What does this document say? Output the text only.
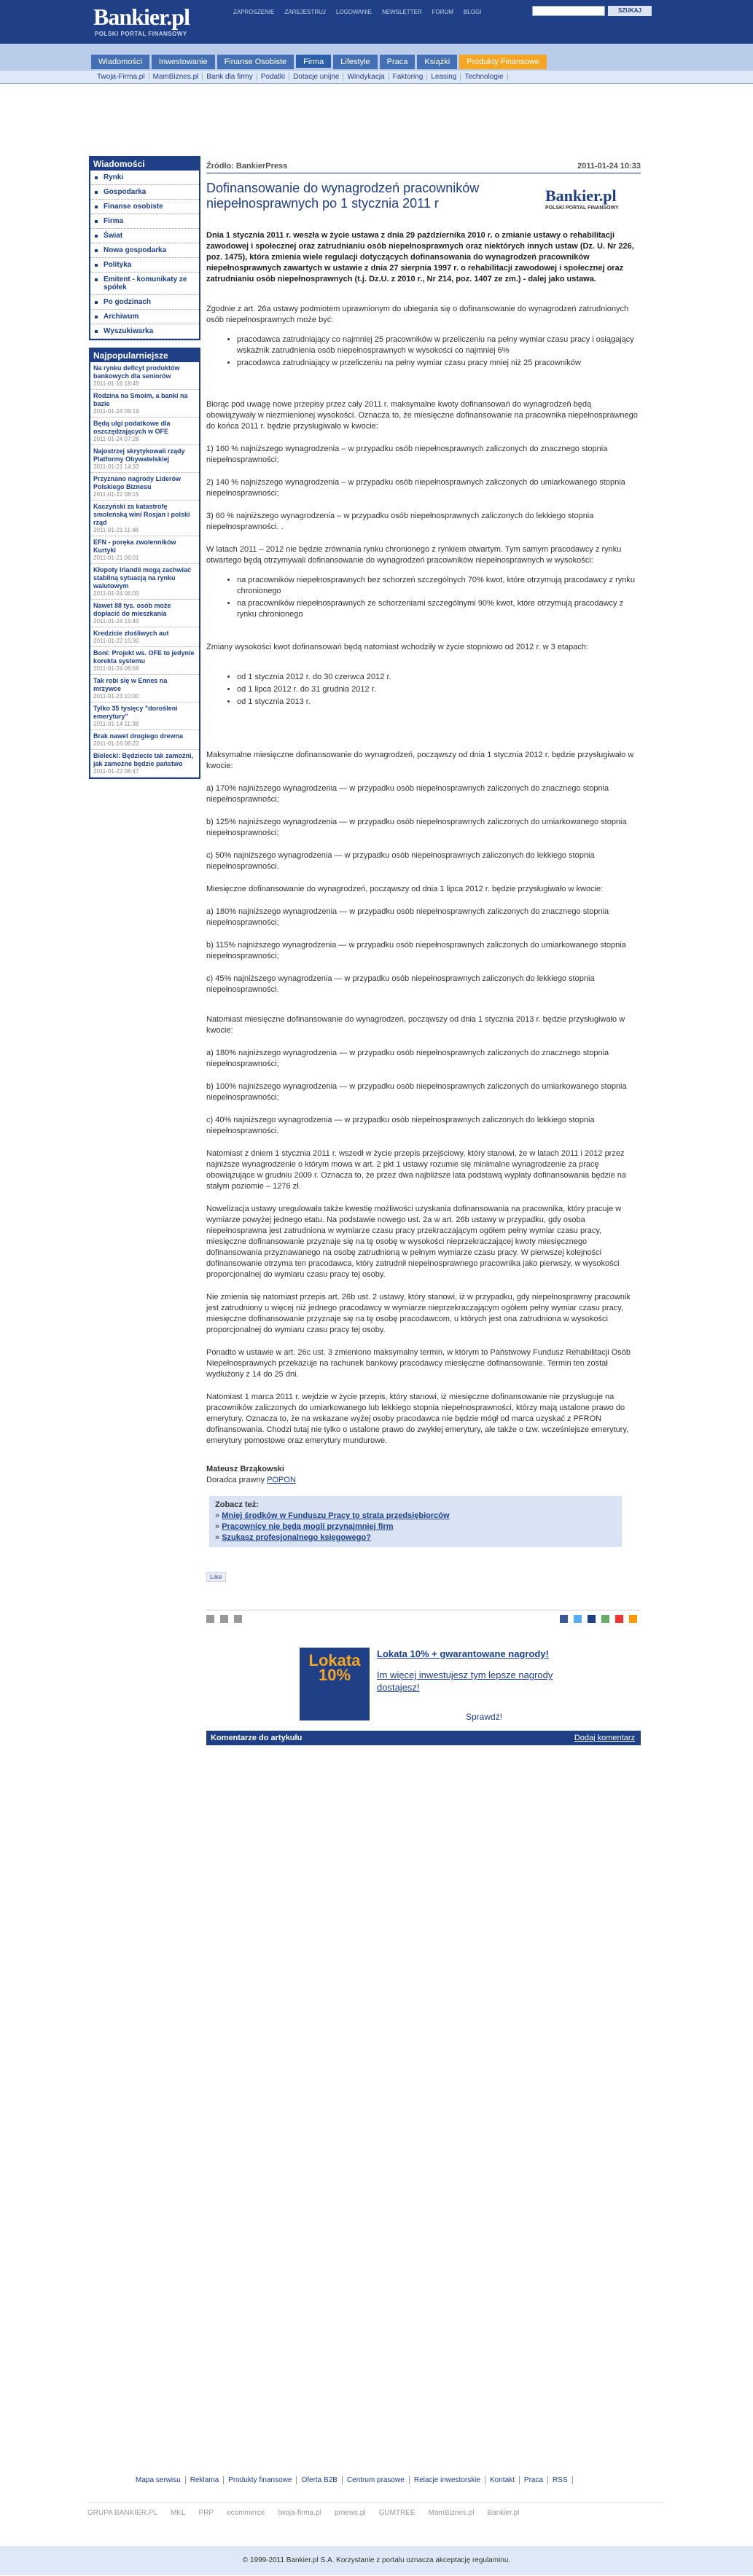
Bankier.pl
POLSKI PORTAL FINANSOWY
ZAPROSZENIE ZAREJESTRUJ LOGOWANIE NEWSLETTER FORUM BLOGI	SZUKAJ
Wiadomości	Inwestowanie	Finanse Osobiste	Firma	Lifestyle	Praca	Książki	Produkty Finansowe
Twoja-Firma.pl	MamBiznes.pl	Bank dla firmy	Podatki	Dotacje unijne	Windykacja	Faktoring	Leasing	Technologie
Wiadomości
Rynki
Gospodarka
Finanse osobiste
Firma
Świat
Nowa gospodarka
Polityka
Emitent - komunikaty ze spółek
Po godzinach
Archiwum
Wyszukiwarka
Najpopularniejsze
Na rynku deficyt produktów bankowych dla seniorów
2011-01-16 18:45
Rodzina na Smoim, a banki na bazie
2011-01-24 09:19
Będą ulgi podatkowe dla oszczędzających w OFE
2011-01-24 07:28
Najostrzej skrytykowali rządy Platformy Obywatelskiej
2011-01-21 14:33
Przyznano nagrody Liderów Polskiego Biznesu
2011-01-22 08:15
Kaczyński za katastrofę smoleńską wini Rosjan i polski rząd
2011-01-21 11:48
EFN - poręka zwolenników Kurtyki
2011-01-21 06:01
Kłopoty Irlandii mogą zachwiać stabilną sytuacją na rynku walutowym
2011-01-24 06:00
Nawet 88 tys. osób może dopłacić do mieszkania
2011-01-24 15:40
Kredzicie złośliwych aut
2011-01-22 15:30
Boni: Projekt ws. OFE to jedynie korekta systemu
2011-01-24 06:59
Tak robi się w Ennes na mrzywce
2011-01-23 10:00
Tylko 35 tysięcy "dorośleni emerytury"
2011-01-14 11:38
Brak nawet drogiego drewna
2011-01-16 06:22
Bielecki: Będziecie tak zamożni, jak zamożne będzie państwo
2011-01-22 06:47
Źródło: BankierPress	2011-01-24 10:33
Dofinansowanie do wynagrodzeń pracowników niepełnosprawnych po 1 stycznia 2011 r	Bankier.pl
POLSKI PORTAL FINANSOWY
Dnia 1 stycznia 2011 r. weszła w życie ustawa z dnia 29 października 2010 r. o zmianie ustawy o rehabilitacji zawodowej i społecznej oraz zatrudnianiu osób niepełnosprawnych oraz niektórych innych ustaw (Dz. U. Nr 226, poz. 1475), która zmienia wiele regulacji dotyczących dofinansowania do wynagrodzeń pracowników niepełnosprawnych zawartych w ustawie z dnia 27 sierpnia 1997 r. o rehabilitacji zawodowej i społecznej oraz zatrudnianiu osób niepełnosprawnych (t.j. Dz.U. z 2010 r., Nr 214, poz. 1407 ze zm.) - dalej jako ustawa.
Zgodnie z art. 26a ustawy podmiotem uprawnionym do ubiegania się o dofinansowanie do wynagrodzeń zatrudnionych osób niepełnosprawnych może być:
• pracodawca zatrudniający co najmniej 25 pracowników w przeliczeniu na pełny wymiar czasu pracy i osiągający wskaźnik zatrudnienia osób niepełnosprawnych w wysokości co najmniej 6%
• pracodawca zatrudniający w przeliczeniu na pełny wymiar czasu pracy mniej niż 25 pracowników
Biorąc pod uwagę nowe przepisy przez cały 2011 r. maksymalne kwoty dofinansowań do wynagrodzeń będą obowiązywały w niezmienionej wysokości. Oznacza to, że miesięczne dofinansowanie na pracownika niepełnosprawnego do końca 2011 r. będzie przysługiwało w kwocie:
1) 160 % najniższego wynagrodzenia – w przypadku osób niepełnosprawnych zaliczonych do znacznego stopnia niepełnosprawności;
2) 140 % najniższego wynagrodzenia – w przypadku osób niepełnosprawnych zaliczonych do umiarkowanego stopnia niepełnosprawności;
3) 60 % najniższego wynagrodzenia – w przypadku osób niepełnosprawnych zaliczonych do lekkiego stopnia niepełnosprawności. .
W latach 2011 – 2012 nie będzie zrównania rynku chronionego z rynkiem otwartym. Tym samym pracodawcy z rynku otwartego będą otrzymywali dofinansowanie do wynagrodzeń pracowników niepełnosprawnych w wysokości:
• na pracowników niepełnosprawnych bez schorzeń szczególnych 70% kwot, które otrzymują pracodawcy z rynku chronionego
• na pracowników niepełnosprawnych ze schorzeniami szczególnymi 90% kwot, które otrzymują pracodawcy z rynku chronionego
Zmiany wysokości kwot dofinansowań będą natomiast wchodziły w życie stopniowo od 2012 r. w 3 etapach:
• od 1 stycznia 2012 r. do 30 czerwca 2012 r.
• od 1 lipca 2012 r. do 31 grudnia 2012 r.
• od 1 stycznia 2013 r.
Maksymalne miesięczne dofinansowanie do wynagrodzeń, począwszy od dnia 1 stycznia 2012 r. będzie przysługiwało w kwocie:
a) 170% najniższego wynagrodzenia — w przypadku osób niepełnosprawnych zaliczonych do znacznego stopnia niepełnosprawności;
b) 125% najniższego wynagrodzenia — w przypadku osób niepełnosprawnych zaliczonych do umiarkowanego stopnia niepełnosprawności;
c) 50% najniższego wynagrodzenia — w przypadku osób niepełnosprawnych zaliczonych do lekkiego stopnia niepełnosprawności.
Miesięczne dofinansowanie do wynagrodzeń, począwszy od dnia 1 lipca 2012 r. będzie przysługiwało w kwocie:
a) 180% najniższego wynagrodzenia — w przypadku osób niepełnosprawnych zaliczonych do znacznego stopnia niepełnosprawności;
b) 115% najniższego wynagrodzenia — w przypadku osób niepełnosprawnych zaliczonych do umiarkowanego stopnia niepełnosprawności;
c) 45% najniższego wynagrodzenia — w przypadku osób niepełnosprawnych zaliczonych do lekkiego stopnia niepełnosprawności.
Natomiast miesięczne dofinansowanie do wynagrodzeń, począwszy od dnia 1 stycznia 2013 r. będzie przysługiwało w kwocie:
a) 180% najniższego wynagrodzenia — w przypadku osób niepełnosprawnych zaliczonych do znacznego stopnia niepełnosprawności;
b) 100% najniższego wynagrodzenia — w przypadku osób niepełnosprawnych zaliczonych do umiarkowanego stopnia niepełnosprawności;
c) 40% najniższego wynagrodzenia — w przypadku osób niepełnosprawnych zaliczonych do lekkiego stopnia niepełnosprawności.
Natomiast z dniem 1 stycznia 2011 r. wszedł w życie przepis przejściowy, który stanowi, że w latach 2011 i 2012 przez najniższe wynagrodzenie o którym mowa w art. 2 pkt 1 ustawy rozumie się minimalne wynagrodzenie za pracę obowiązujące w grudniu 2009 r. Oznacza to, że przez dwa najbliższe lata podstawą wypłaty dofinansowania będzie na stałym poziomie – 1276 zł.
Nowelizacja ustawy uregulowała także kwestię możliwości uzyskania dofinansowania na pracownika, który pracuje w wymiarze powyżej jednego etatu. Na podstawie nowego ust. 2a w art. 26b ustawy w przypadku, gdy osoba niepełnosprawna jest zatrudniona w wymiarze czasu pracy przekraczającym ogółem pełny wymiar czasu pracy, miesięczne dofinansowanie przyznaje się na tę osobę w wysokości nieprzekraczającej kwoty miesięcznego dofinansowania przyznawanego na osobę zatrudnioną w pełnym wymiarze czasu pracy. W pierwszej kolejności dofinansowanie otrzyma ten pracodawca, który zatrudnił niepełnosprawnego pracownika jako pierwszy, w wysokości proporcjonalnej do wymiaru czasu pracy tej osoby.
Nie zmienia się natomiast przepis art. 26b ust. 2 ustawy, który stanowi, iż w przypadku, gdy niepełnosprawny pracownik jest zatrudniony u więcej niż jednego pracodawcy w wymiarze nieprzekraczającym ogółem pełny wymiar czasu pracy, miesięczne dofinansowanie przyznaje się na tę osobę pracodawcom, u których jest ona zatrudniona w wysokości proporcjonalnej do wymiaru czasu pracy tej osoby.
Ponadto w ustawie w art. 26c ust. 3 zmieniono maksymalny termin, w którym to Państwowy Fundusz Rehabilitacji Osób Niepełnosprawnych przekazuje na rachunek bankowy pracodawcy miesięczne dofinansowanie. Termin ten został wydłużony z 14 do 25 dni.
Natomiast 1 marca 2011 r. wejdzie w życie przepis, który stanowi, iż miesięczne dofinansowanie nie przysługuje na pracowników zaliczonych do umiarkowanego lub lekkiego stopnia niepełnosprawności, którzy mają ustalone prawo do emerytury. Oznacza to, że na wskazane wyżej osoby pracodawca nie będzie mógł od marca uzyskać z PFRON dofinansowania. Chodzi tutaj nie tylko o ustalone prawo do zwykłej emerytury, ale także o tzw. wcześniejsze emerytury, emerytury pomostowe oraz emerytury mundurowe.
Mateusz Brząkowski
Doradca prawny POPON
Zobacz też:
» Mniej środków w Funduszu Pracy to strata przedsiębiorców
» Pracownicy nie będą mogli przynajmniej firm
» Szukasz profesjonalnego księgowego?
Like

Lokata 10%
Lokata 10% + gwarantowane nagrody!
Im więcej inwestujesz tym lepsze nagrody dostajesz!
Sprawdź!
Komentarze do artykułu	Dodaj komentarz
Mapa serwisu	Reklama	Produkty finansowe	Oferta B2B	Centrum prasowe	Relacje inwestorskie	Kontakt	Praca	RSS
GRUPA BANKIER.PL MKL PRP ecommerce twoja-firma.pl prnews.pl GUMTREE MamBiznes.pl Bankier.pl
© 1999-2011 Bankier.pl S.A. Korzystanie z portalu oznacza akceptację regulaminu.
